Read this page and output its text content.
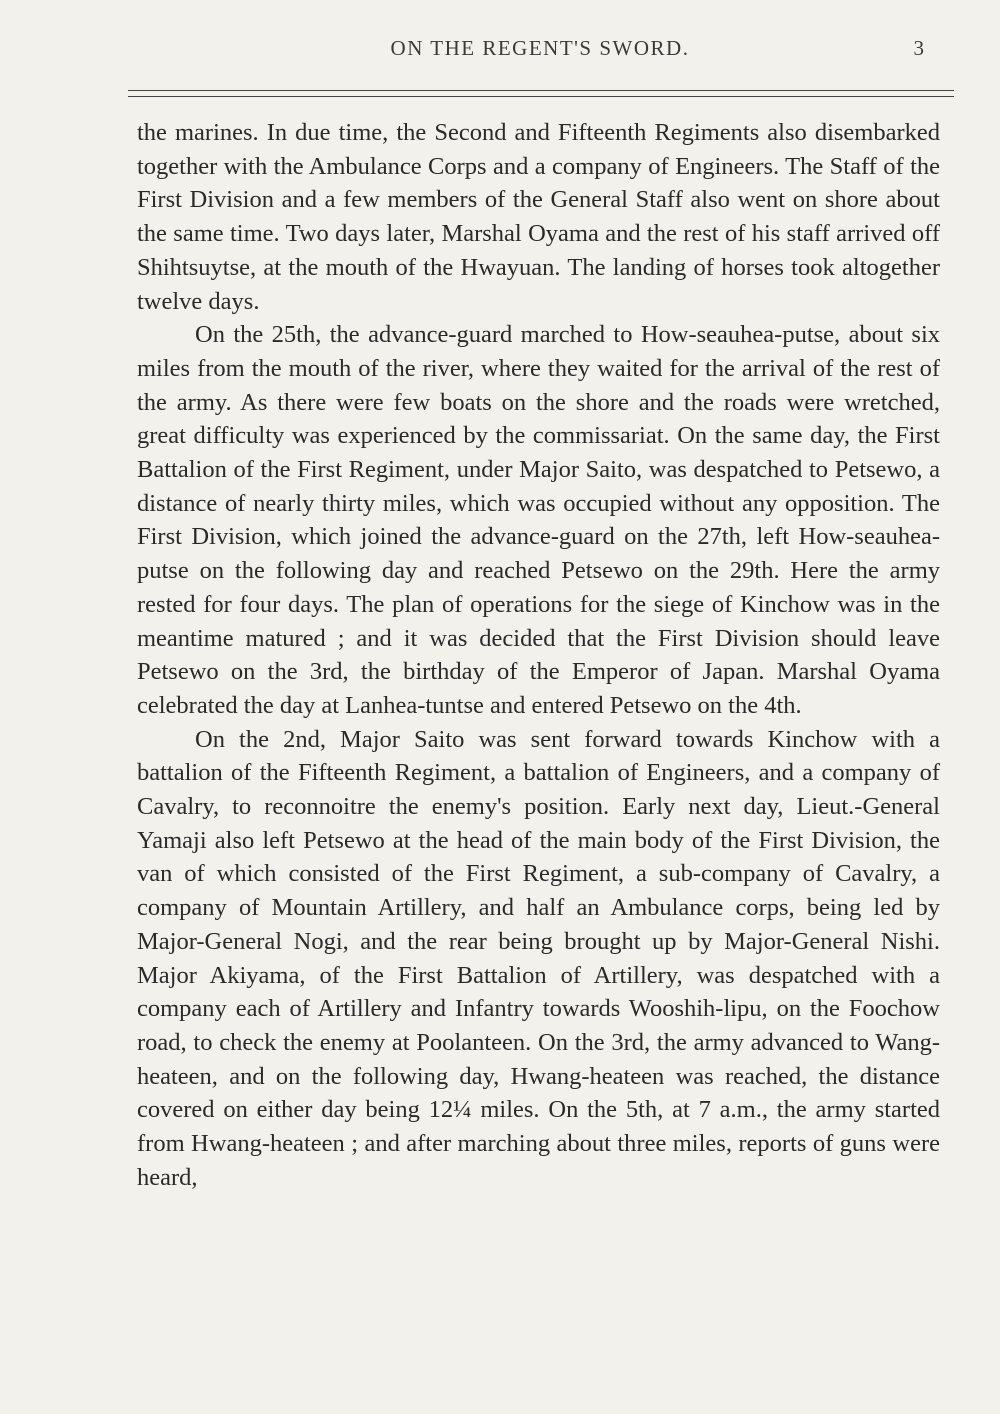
ON THE REGENT'S SWORD.	3

the marines. In due time, the Second and Fifteenth Regiments also disembarked together with the Ambulance Corps and a company of Engineers. The Staff of the First Division and a few members of the General Staff also went on shore about the same time. Two days later, Marshal Oyama and the rest of his staff arrived off Shihtsuytse, at the mouth of the Hwayuan. The landing of horses took altogether twelve days.

On the 25th, the advance-guard marched to How-seauhea-putse, about six miles from the mouth of the river, where they waited for the arrival of the rest of the army. As there were few boats on the shore and the roads were wretched, great difficulty was experienced by the commissariat. On the same day, the First Battalion of the First Regiment, under Major Saito, was despatched to Petsewo, a distance of nearly thirty miles, which was occupied without any opposition. The First Division, which joined the advance-guard on the 27th, left How-seauhea-putse on the following day and reached Petsewo on the 29th. Here the army rested for four days. The plan of operations for the siege of Kinchow was in the meantime matured ; and it was decided that the First Division should leave Petsewo on the 3rd, the birthday of the Emperor of Japan. Marshal Oyama celebrated the day at Lanhea-tuntse and entered Petsewo on the 4th.

On the 2nd, Major Saito was sent forward towards Kinchow with a battalion of the Fifteenth Regiment, a battalion of Engineers, and a company of Cavalry, to reconnoitre the enemy's position. Early next day, Lieut.-General Yamaji also left Petsewo at the head of the main body of the First Division, the van of which consisted of the First Regiment, a sub-company of Cavalry, a company of Mountain Artillery, and half an Ambulance corps, being led by Major-General Nogi, and the rear being brought up by Major-General Nishi. Major Akiyama, of the First Battalion of Artillery, was despatched with a company each of Artillery and Infantry towards Wooshih-lipu, on the Foochow road, to check the enemy at Poolanteen. On the 3rd, the army advanced to Wang-heateen, and on the following day, Hwang-heateen was reached, the distance covered on either day being 12¼ miles. On the 5th, at 7 a.m., the army started from Hwang-heateen ; and after marching about three miles, reports of guns were heard,
